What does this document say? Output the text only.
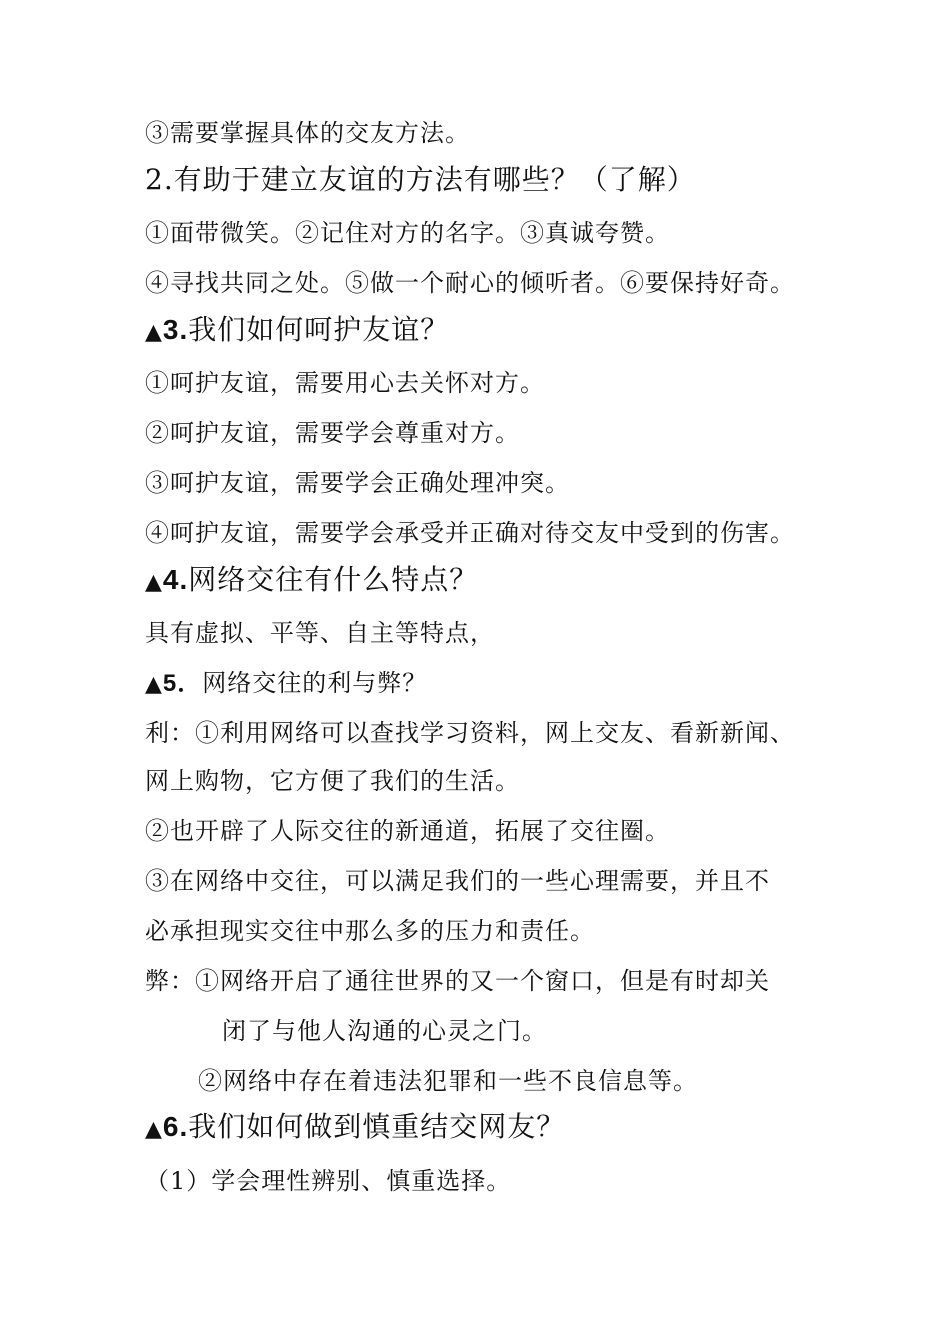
③需要掌握具体的交友方法。
2.有助于建立友谊的方法有哪些？（了解）
①面带微笑。②记住对方的名字。③真诚夸赞。
④寻找共同之处。⑤做一个耐心的倾听者。⑥要保持好奇。
▲3.我们如何呵护友谊？
①呵护友谊，需要用心去关怀对方。
②呵护友谊，需要学会尊重对方。
③呵护友谊，需要学会正确处理冲突。
④呵护友谊，需要学会承受并正确对待交友中受到的伤害。
▲4.网络交往有什么特点？
具有虚拟、平等、自主等特点，
▲5．网络交往的利与弊？
利：①利用网络可以查找学习资料，网上交友、看新新闻、
网上购物，它方便了我们的生活。
②也开辟了人际交往的新通道，拓展了交往圈。
③在网络中交往，可以满足我们的一些心理需要，并且不
必承担现实交往中那么多的压力和责任。
弊：①网络开启了通往世界的又一个窗口，但是有时却关
闭了与他人沟通的心灵之门。
②网络中存在着违法犯罪和一些不良信息等。
▲6.我们如何做到慎重结交网友？
（1）学会理性辨别、慎重选择。
